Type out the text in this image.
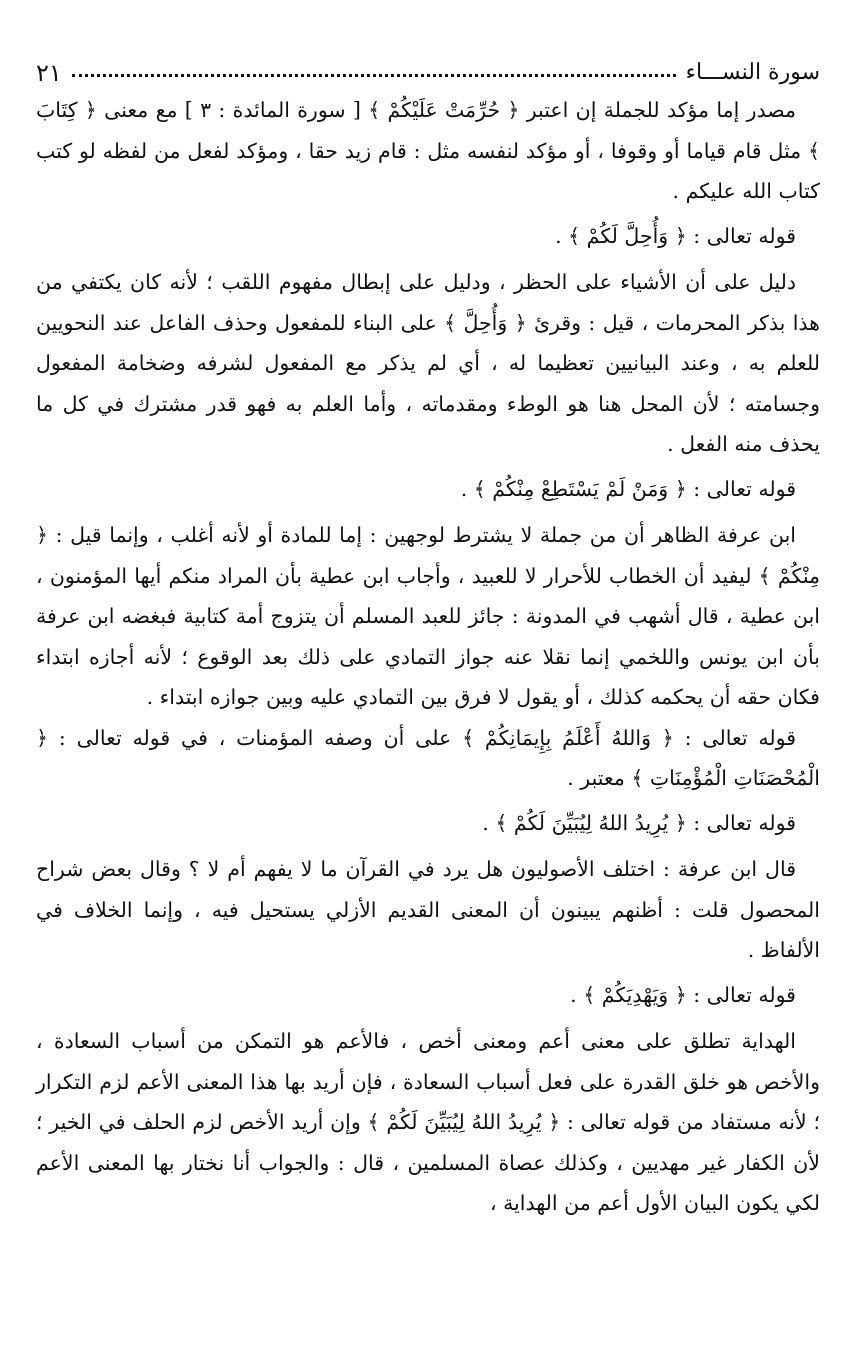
سورة النســـاء
٢١

مصدر إما مؤكد للجملة إن اعتبر ﴿ حُرِّمَتْ عَلَيْكُمْ ﴾ [ سورة المائدة : ٣ ] مع معنى ﴿ كِتَابَ ﴾ مثل قام قياما أو وقوفا ، أو مؤكد لنفسه مثل : قام زيد حقا ، ومؤكد لفعل من لفظه لو كتب كتاب الله عليكم .

قوله تعالى : ﴿ وَأُحِلَّ لَكُمْ ﴾ .

دليل على أن الأشياء على الحظر ، ودليل على إبطال مفهوم اللقب ؛ لأنه كان يكتفي من هذا بذكر المحرمات ، قيل : وقرئ ﴿ وَأُحِلَّ ﴾ على البناء للمفعول وحذف الفاعل عند النحويين للعلم به ، وعند البيانيين تعظيما له ، أي لم يذكر مع المفعول لشرفه وضخامة المفعول وجسامته ؛ لأن المحل هنا هو الوطء ومقدماته ، وأما العلم به فهو قدر مشترك في كل ما يحذف منه الفعل .

قوله تعالى : ﴿ وَمَنْ لَمْ يَسْتَطِعْ مِنْكُمْ ﴾ .

ابن عرفة الظاهر أن من جملة لا يشترط لوجهين : إما للمادة أو لأنه أغلب ، وإنما قيل : ﴿ مِنْكُمْ ﴾ ليفيد أن الخطاب للأحرار لا للعبيد ، وأجاب ابن عطية بأن المراد منكم أيها المؤمنون ، ابن عطية ، قال أشهب في المدونة : جائز للعبد المسلم أن يتزوج أمة كتابية فبغضه ابن عرفة بأن ابن يونس واللخمي إنما نقلا عنه جواز التمادي على ذلك بعد الوقوع ؛ لأنه أجازه ابتداء فكان حقه أن يحكمه كذلك ، أو يقول لا فرق بين التمادي عليه وبين جوازه ابتداء .

قوله تعالى : ﴿ وَاللهُ أَعْلَمُ بِإِيمَانِكُمْ ﴾ على أن وصفه المؤمنات ، في قوله تعالى : ﴿ الْمُحْصَنَاتِ الْمُؤْمِنَاتِ ﴾ معتبر .

قوله تعالى : ﴿ يُرِيدُ اللهُ لِيُبَيِّنَ لَكُمْ ﴾ .

قال ابن عرفة : اختلف الأصوليون هل يرد في القرآن ما لا يفهم أم لا ؟ وقال بعض شراح المحصول قلت : أظنهم يبينون أن المعنى القديم الأزلي يستحيل فيه ، وإنما الخلاف في الألفاظ .

قوله تعالى : ﴿ وَيَهْدِيَكُمْ ﴾ .

الهداية تطلق على معنى أعم ومعنى أخص ، فالأعم هو التمكن من أسباب السعادة ، والأخص هو خلق القدرة على فعل أسباب السعادة ، فإن أريد بها هذا المعنى الأعم لزم التكرار ؛ لأنه مستفاد من قوله تعالى : ﴿ يُرِيدُ اللهُ لِيُبَيِّنَ لَكُمْ ﴾ وإن أريد الأخص لزم الحلف في الخير ؛ لأن الكفار غير مهديين ، وكذلك عصاة المسلمين ، قال : والجواب أنا نختار بها المعنى الأعم لكي يكون البيان الأول أعم من الهداية ،
